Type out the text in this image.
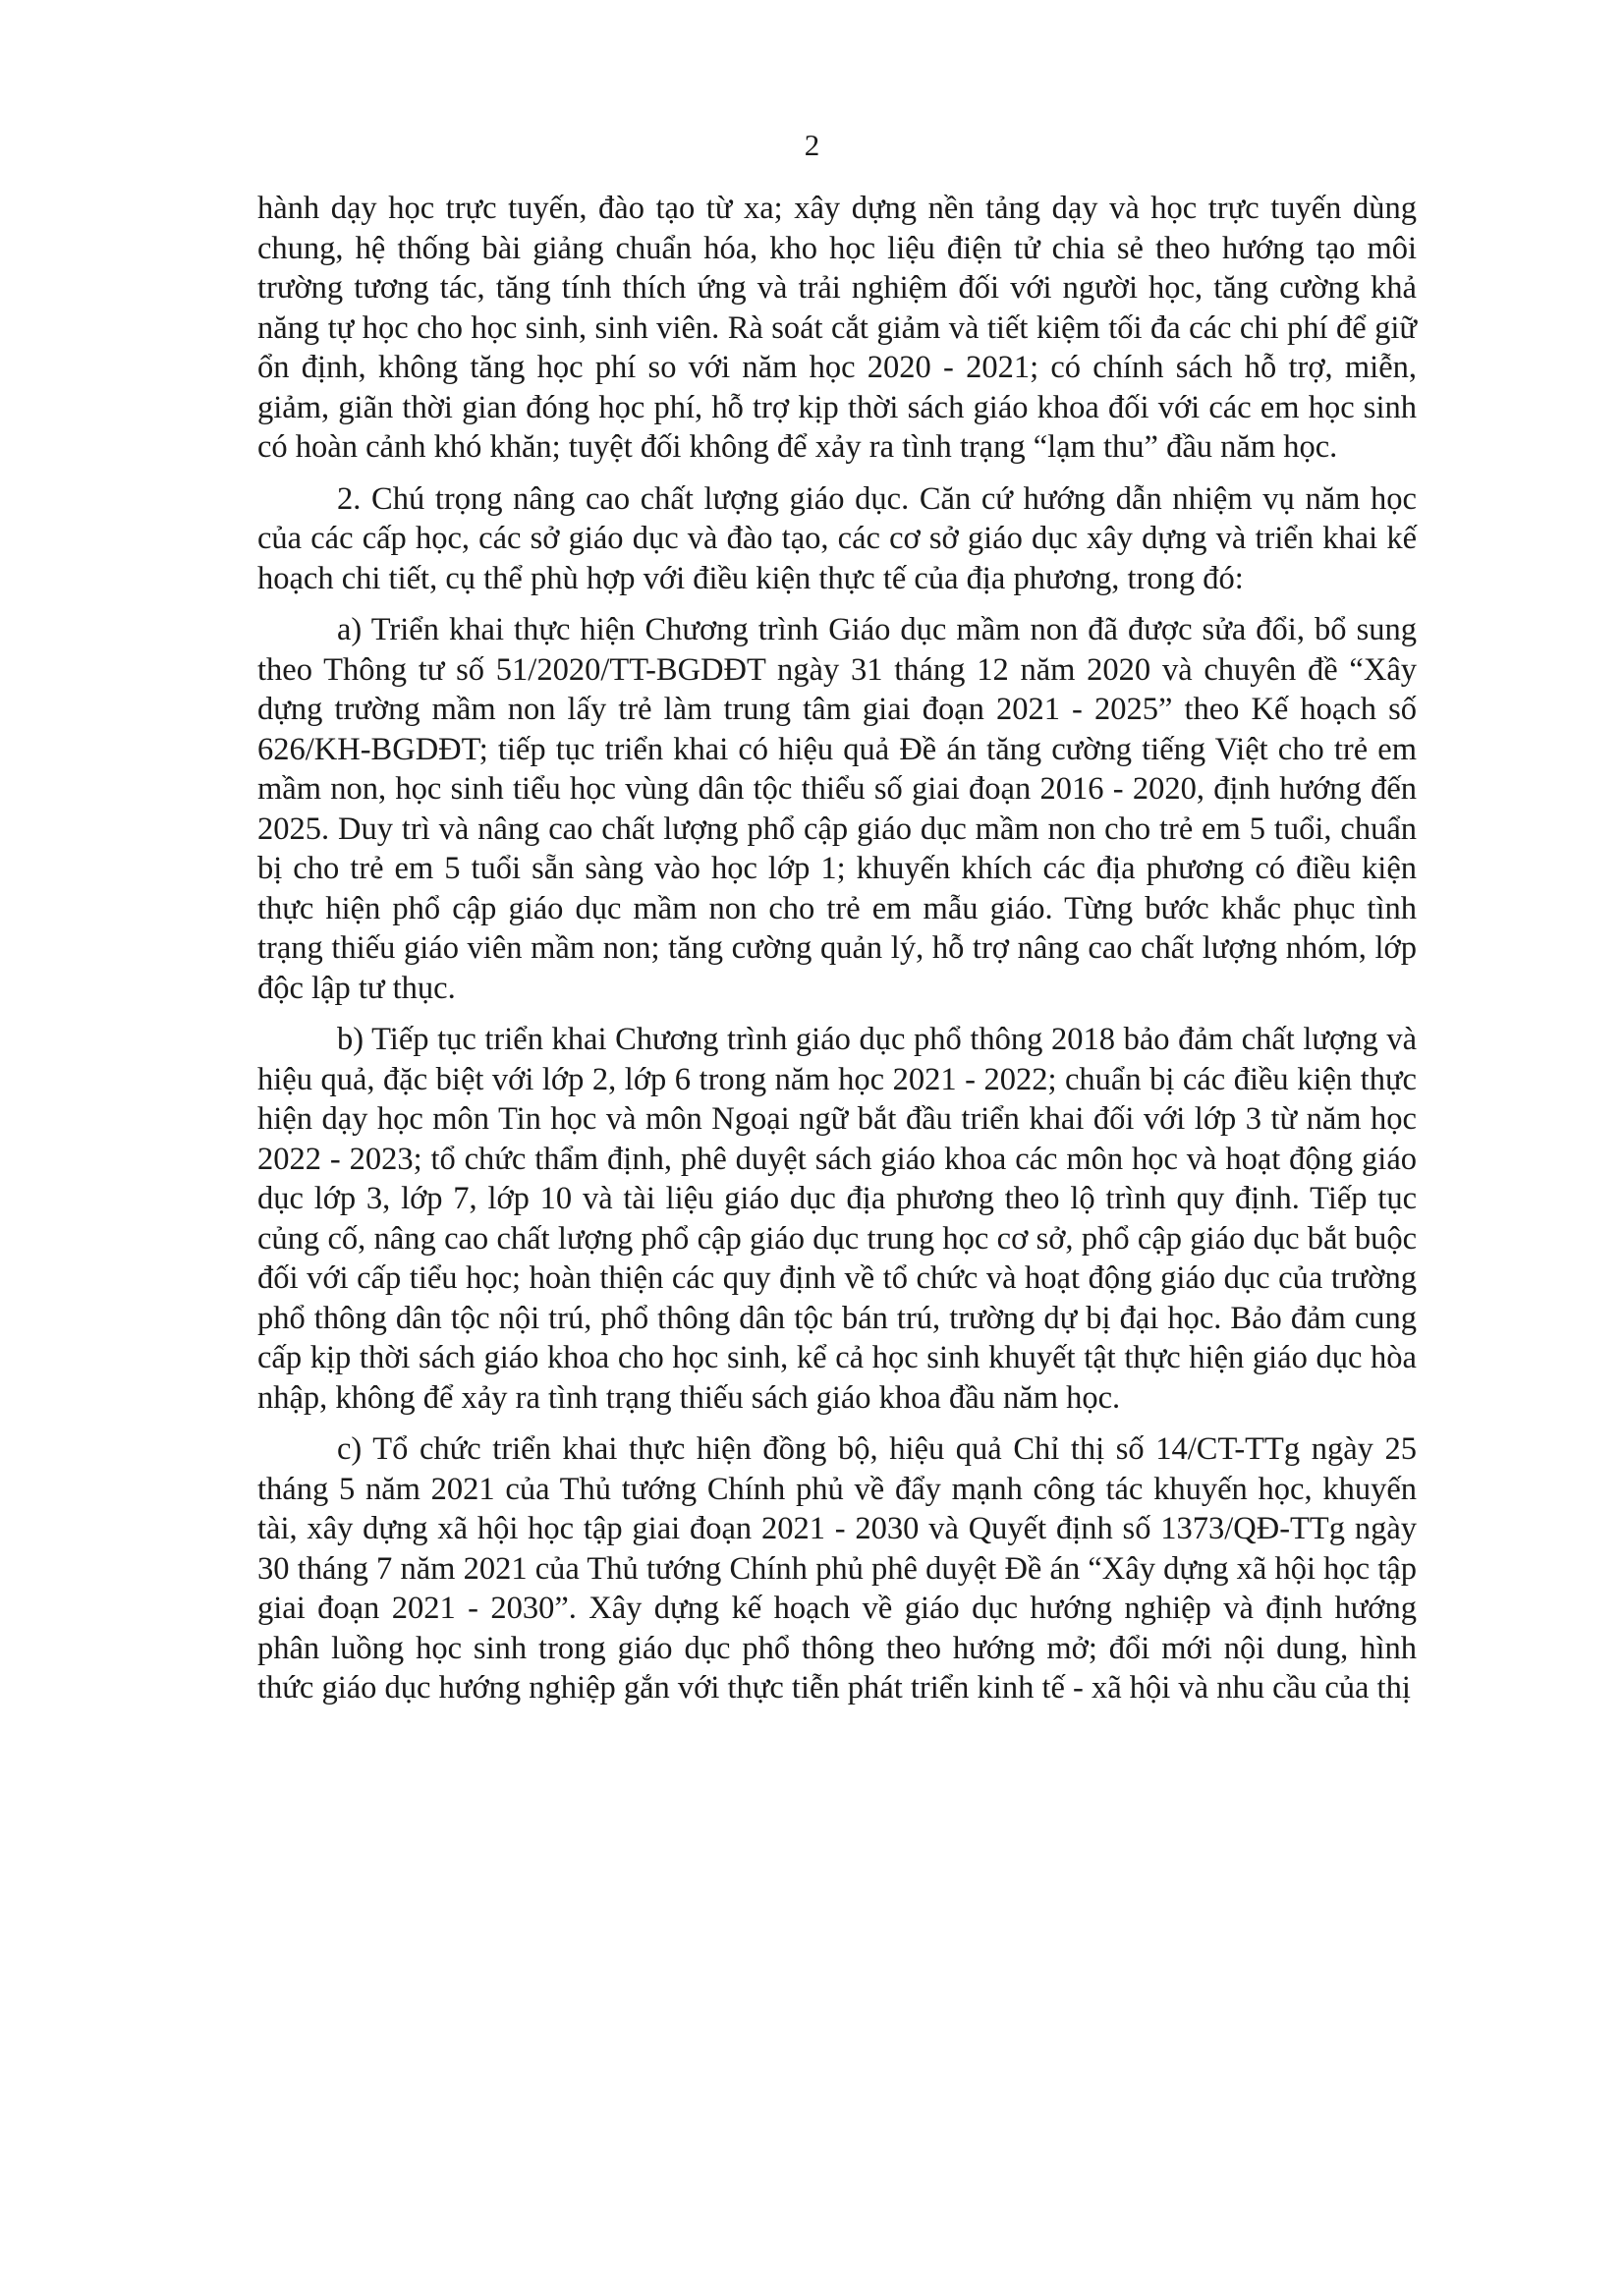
2

hành dạy học trực tuyến, đào tạo từ xa; xây dựng nền tảng dạy và học trực tuyến dùng chung, hệ thống bài giảng chuẩn hóa, kho học liệu điện tử chia sẻ theo hướng tạo môi trường tương tác, tăng tính thích ứng và trải nghiệm đối với người học, tăng cường khả năng tự học cho học sinh, sinh viên. Rà soát cắt giảm và tiết kiệm tối đa các chi phí để giữ ổn định, không tăng học phí so với năm học 2020 - 2021; có chính sách hỗ trợ, miễn, giảm, giãn thời gian đóng học phí, hỗ trợ kịp thời sách giáo khoa đối với các em học sinh có hoàn cảnh khó khăn; tuyệt đối không để xảy ra tình trạng “lạm thu” đầu năm học.

2. Chú trọng nâng cao chất lượng giáo dục. Căn cứ hướng dẫn nhiệm vụ năm học của các cấp học, các sở giáo dục và đào tạo, các cơ sở giáo dục xây dựng và triển khai kế hoạch chi tiết, cụ thể phù hợp với điều kiện thực tế của địa phương, trong đó:

a) Triển khai thực hiện Chương trình Giáo dục mầm non đã được sửa đổi, bổ sung theo Thông tư số 51/2020/TT-BGDĐT ngày 31 tháng 12 năm 2020 và chuyên đề “Xây dựng trường mầm non lấy trẻ làm trung tâm giai đoạn 2021 - 2025” theo Kế hoạch số 626/KH-BGDĐT; tiếp tục triển khai có hiệu quả Đề án tăng cường tiếng Việt cho trẻ em mầm non, học sinh tiểu học vùng dân tộc thiểu số giai đoạn 2016 - 2020, định hướng đến 2025. Duy trì và nâng cao chất lượng phổ cập giáo dục mầm non cho trẻ em 5 tuổi, chuẩn bị cho trẻ em 5 tuổi sẵn sàng vào học lớp 1; khuyến khích các địa phương có điều kiện thực hiện phổ cập giáo dục mầm non cho trẻ em mẫu giáo. Từng bước khắc phục tình trạng thiếu giáo viên mầm non; tăng cường quản lý, hỗ trợ nâng cao chất lượng nhóm, lớp độc lập tư thục.

b) Tiếp tục triển khai Chương trình giáo dục phổ thông 2018 bảo đảm chất lượng và hiệu quả, đặc biệt với lớp 2, lớp 6 trong năm học 2021 - 2022; chuẩn bị các điều kiện thực hiện dạy học môn Tin học và môn Ngoại ngữ bắt đầu triển khai đối với lớp 3 từ năm học 2022 - 2023; tổ chức thẩm định, phê duyệt sách giáo khoa các môn học và hoạt động giáo dục lớp 3, lớp 7, lớp 10 và tài liệu giáo dục địa phương theo lộ trình quy định. Tiếp tục củng cố, nâng cao chất lượng phổ cập giáo dục trung học cơ sở, phổ cập giáo dục bắt buộc đối với cấp tiểu học; hoàn thiện các quy định về tổ chức và hoạt động giáo dục của trường phổ thông dân tộc nội trú, phổ thông dân tộc bán trú, trường dự bị đại học. Bảo đảm cung cấp kịp thời sách giáo khoa cho học sinh, kể cả học sinh khuyết tật thực hiện giáo dục hòa nhập, không để xảy ra tình trạng thiếu sách giáo khoa đầu năm học.

c) Tổ chức triển khai thực hiện đồng bộ, hiệu quả Chỉ thị số 14/CT-TTg ngày 25 tháng 5 năm 2021 của Thủ tướng Chính phủ về đẩy mạnh công tác khuyến học, khuyến tài, xây dựng xã hội học tập giai đoạn 2021 - 2030 và Quyết định số 1373/QĐ-TTg ngày 30 tháng 7 năm 2021 của Thủ tướng Chính phủ phê duyệt Đề án “Xây dựng xã hội học tập giai đoạn 2021 - 2030”. Xây dựng kế hoạch về giáo dục hướng nghiệp và định hướng phân luồng học sinh trong giáo dục phổ thông theo hướng mở; đổi mới nội dung, hình thức giáo dục hướng nghiệp gắn với thực tiễn phát triển kinh tế - xã hội và nhu cầu của thị
